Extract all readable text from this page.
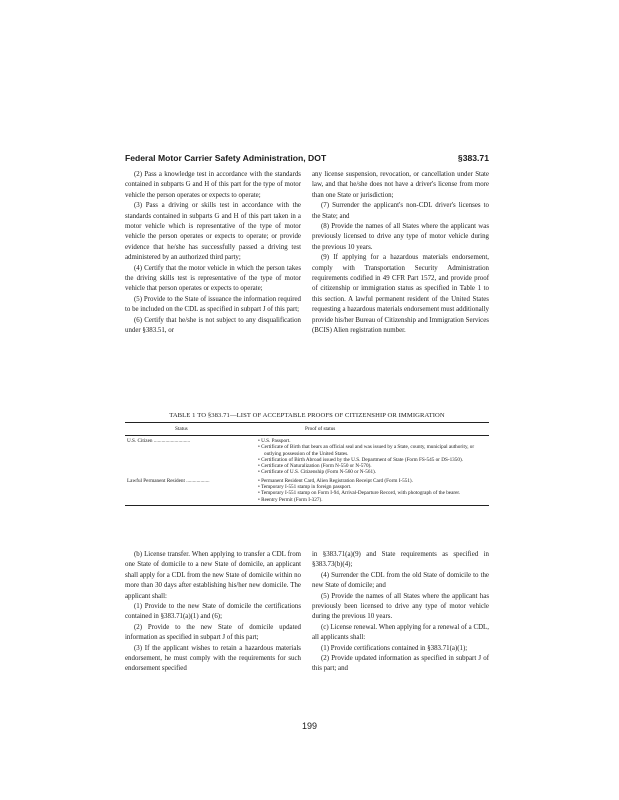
Federal Motor Carrier Safety Administration, DOT	§383.71

(2) Pass a knowledge test in accordance with the standards contained in subparts G and H of this part for the type of motor vehicle the person operates or expects to operate;

(3) Pass a driving or skills test in accordance with the standards contained in subparts G and H of this part taken in a motor vehicle which is representative of the type of motor vehicle the person operates or expects to operate; or provide evidence that he/she has successfully passed a driving test administered by an authorized third party;

(4) Certify that the motor vehicle in which the person takes the driving skills test is representative of the type of motor vehicle that person operates or expects to operate;

(5) Provide to the State of issuance the information required to be included on the CDL as specified in subpart J of this part;

(6) Certify that he/she is not subject to any disqualification under §383.51, or

any license suspension, revocation, or cancellation under State law, and that he/she does not have a driver's license from more than one State or jurisdiction;

(7) Surrender the applicant's non-CDL driver's licenses to the State; and

(8) Provide the names of all States where the applicant was previously licensed to drive any type of motor vehicle during the previous 10 years.

(9) If applying for a hazardous materials endorsement, comply with Transportation Security Administration requirements codified in 49 CFR Part 1572, and provide proof of citizenship or immigration status as specified in Table 1 to this section. A lawful permanent resident of the United States requesting a hazardous materials endorsement must additionally provide his/her Bureau of Citizenship and Immigration Services (BCIS) Alien registration number.

TABLE 1 TO §383.71—LIST OF ACCEPTABLE PROOFS OF CITIZENSHIP OR IMMIGRATION
Status	Proof of status
U.S. Citizen ............................	• U.S. Passport.
• Certificate of Birth that bears an official seal and was issued by a State, county, municipal authority, or outlying possession of the United States.
• Certification of Birth Abroad issued by the U.S. Department of State (Form FS-545 or DS-1350).
• Certificate of Naturalization (Form N-550 or N-570).
• Certificate of U.S. Citizenship (Form N-560 or N-561).
Lawful Permanent Resident ..................	• Permanent Resident Card, Alien Registration Receipt Card (Form I-551).
• Temporary I-551 stamp in foreign passport.
• Temporary I-551 stamp on Form I-94, Arrival-Departure Record, with photograph of the bearer.
• Reentry Permit (Form I-327).

(b) License transfer. When applying to transfer a CDL from one State of domicile to a new State of domicile, an applicant shall apply for a CDL from the new State of domicile within no more than 30 days after establishing his/her new domicile. The applicant shall:

(1) Provide to the new State of domicile the certifications contained in §383.71(a)(1) and (6);

(2) Provide to the new State of domicile updated information as specified in subpart J of this part;

(3) If the applicant wishes to retain a hazardous materials endorsement, he must comply with the requirements for such endorsement specified

in §383.71(a)(9) and State requirements as specified in §383.73(b)(4);

(4) Surrender the CDL from the old State of domicile to the new State of domicile; and

(5) Provide the names of all States where the applicant has previously been licensed to drive any type of motor vehicle during the previous 10 years.

(c) License renewal. When applying for a renewal of a CDL, all applicants shall:

(1) Provide certifications contained in §383.71(a)(1);

(2) Provide updated information as specified in subpart J of this part; and

199
